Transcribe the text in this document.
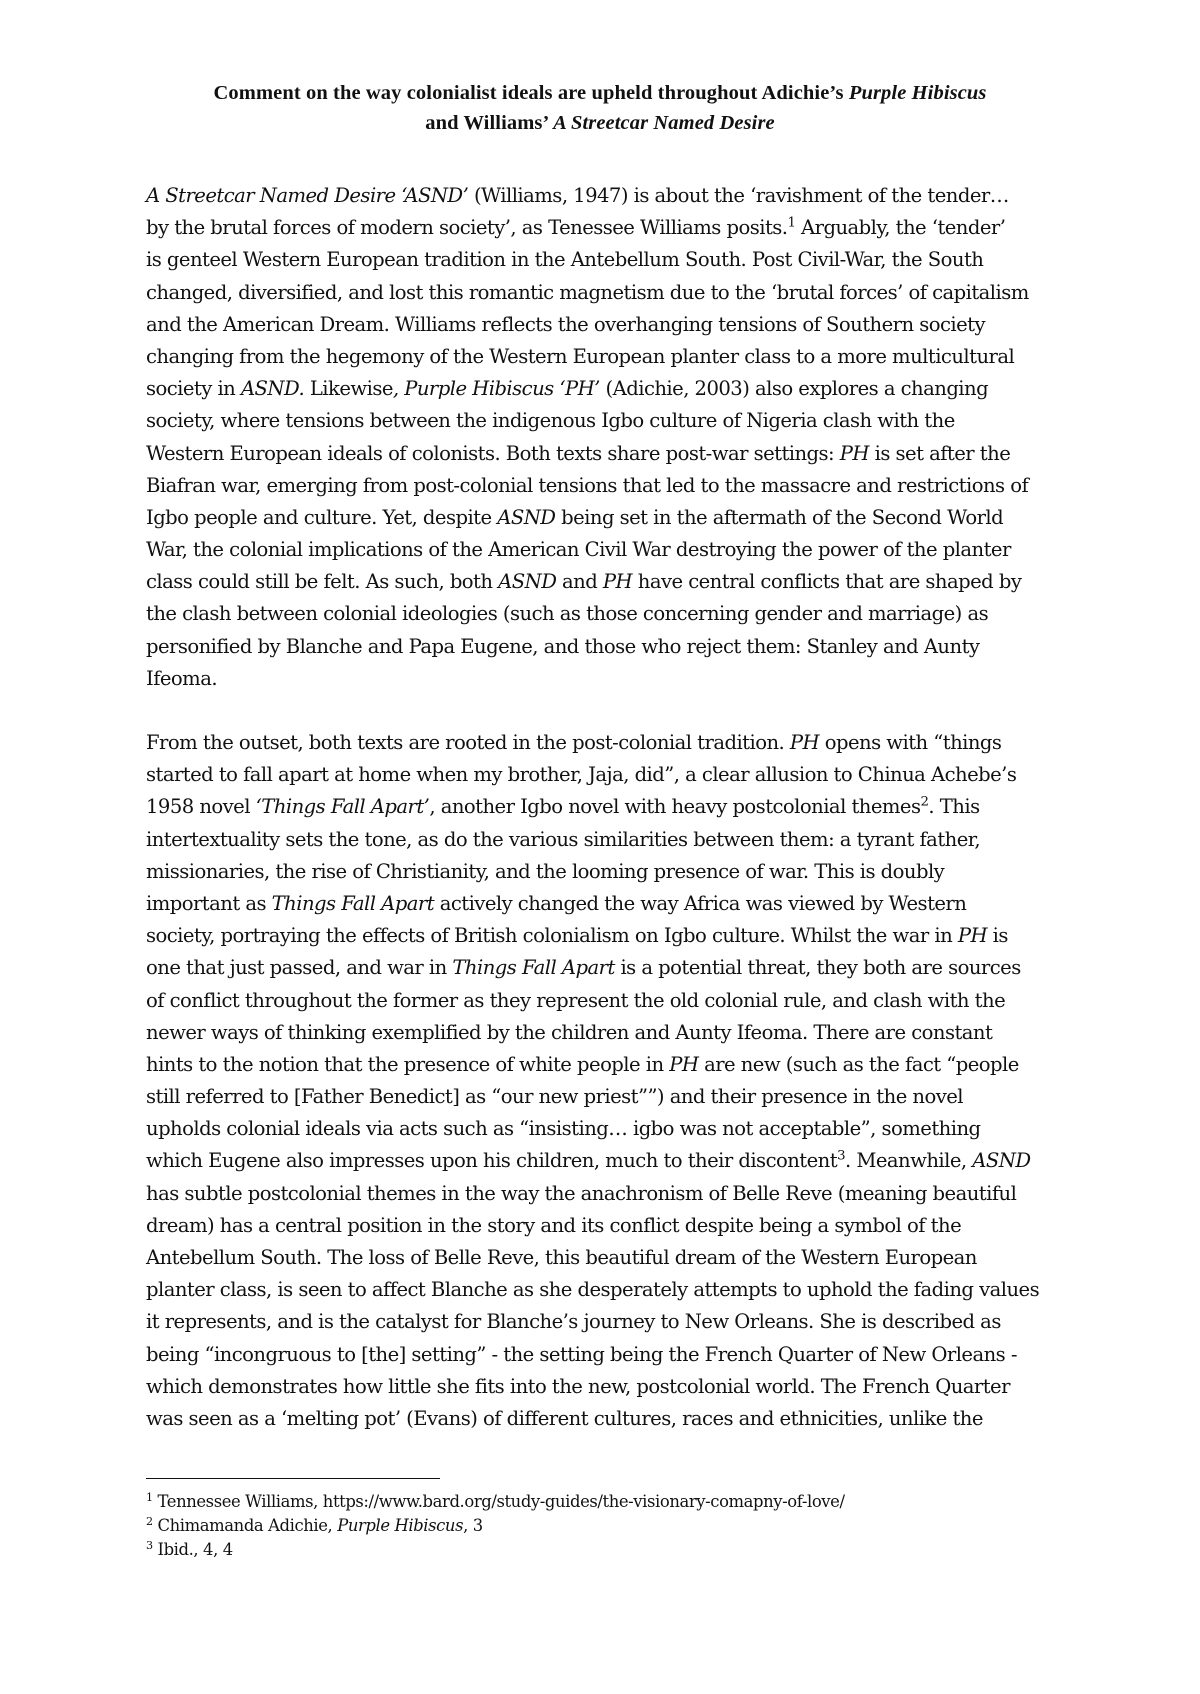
Comment on the way colonialist ideals are upheld throughout Adichie’s Purple Hibiscus
and Williams’ A Streetcar Named Desire
A Streetcar Named Desire ‘ASND’ (Williams, 1947) is about the ‘ravishment of the tender…
by the brutal forces of modern society’, as Tenessee Williams posits.$^1$ Arguably, the ‘tender’
is genteel Western European tradition in the Antebellum South. Post Civil-War, the South
changed, diversified, and lost this romantic magnetism due to the ‘brutal forces’ of capitalism
and the American Dream. Williams reflects the overhanging tensions of Southern society
changing from the hegemony of the Western European planter class to a more multicultural
society in ASND. Likewise, Purple Hibiscus ‘PH’ (Adichie, 2003) also explores a changing
society, where tensions between the indigenous Igbo culture of Nigeria clash with the
Western European ideals of colonists. Both texts share post-war settings: PH is set after the
Biafran war, emerging from post-colonial tensions that led to the massacre and restrictions of
Igbo people and culture. Yet, despite ASND being set in the aftermath of the Second World
War, the colonial implications of the American Civil War destroying the power of the planter
class could still be felt. As such, both ASND and PH have central conflicts that are shaped by
the clash between colonial ideologies (such as those concerning gender and marriage) as
personified by Blanche and Papa Eugene, and those who reject them: Stanley and Aunty
Ifeoma.
From the outset, both texts are rooted in the post-colonial tradition. PH opens with “things
started to fall apart at home when my brother, Jaja, did”, a clear allusion to Chinua Achebe’s
1958 novel ‘Things Fall Apart’, another Igbo novel with heavy postcolonial themes$^2$. This
intertextuality sets the tone, as do the various similarities between them: a tyrant father,
missionaries, the rise of Christianity, and the looming presence of war. This is doubly
important as Things Fall Apart actively changed the way Africa was viewed by Western
society, portraying the effects of British colonialism on Igbo culture. Whilst the war in PH is
one that just passed, and war in Things Fall Apart is a potential threat, they both are sources
of conflict throughout the former as they represent the old colonial rule, and clash with the
newer ways of thinking exemplified by the children and Aunty Ifeoma. There are constant
hints to the notion that the presence of white people in PH are new (such as the fact “people
still referred to [Father Benedict] as “our new priest””) and their presence in the novel
upholds colonial ideals via acts such as “insisting… igbo was not acceptable”, something
which Eugene also impresses upon his children, much to their discontent$^3$. Meanwhile, ASND
has subtle postcolonial themes in the way the anachronism of Belle Reve (meaning beautiful
dream) has a central position in the story and its conflict despite being a symbol of the
Antebellum South. The loss of Belle Reve, this beautiful dream of the Western European
planter class, is seen to affect Blanche as she desperately attempts to uphold the fading values
it represents, and is the catalyst for Blanche’s journey to New Orleans. She is described as
being “incongruous to [the] setting” - the setting being the French Quarter of New Orleans -
which demonstrates how little she fits into the new, postcolonial world. The French Quarter
was seen as a ‘melting pot’ (Evans) of different cultures, races and ethnicities, unlike the
$^1$ Tennessee Williams, https://www.bard.org/study-guides/the-visionary-comapny-of-love/
$^2$ Chimamanda Adichie, Purple Hibiscus, 3
$^3$ Ibid., 4, 4
